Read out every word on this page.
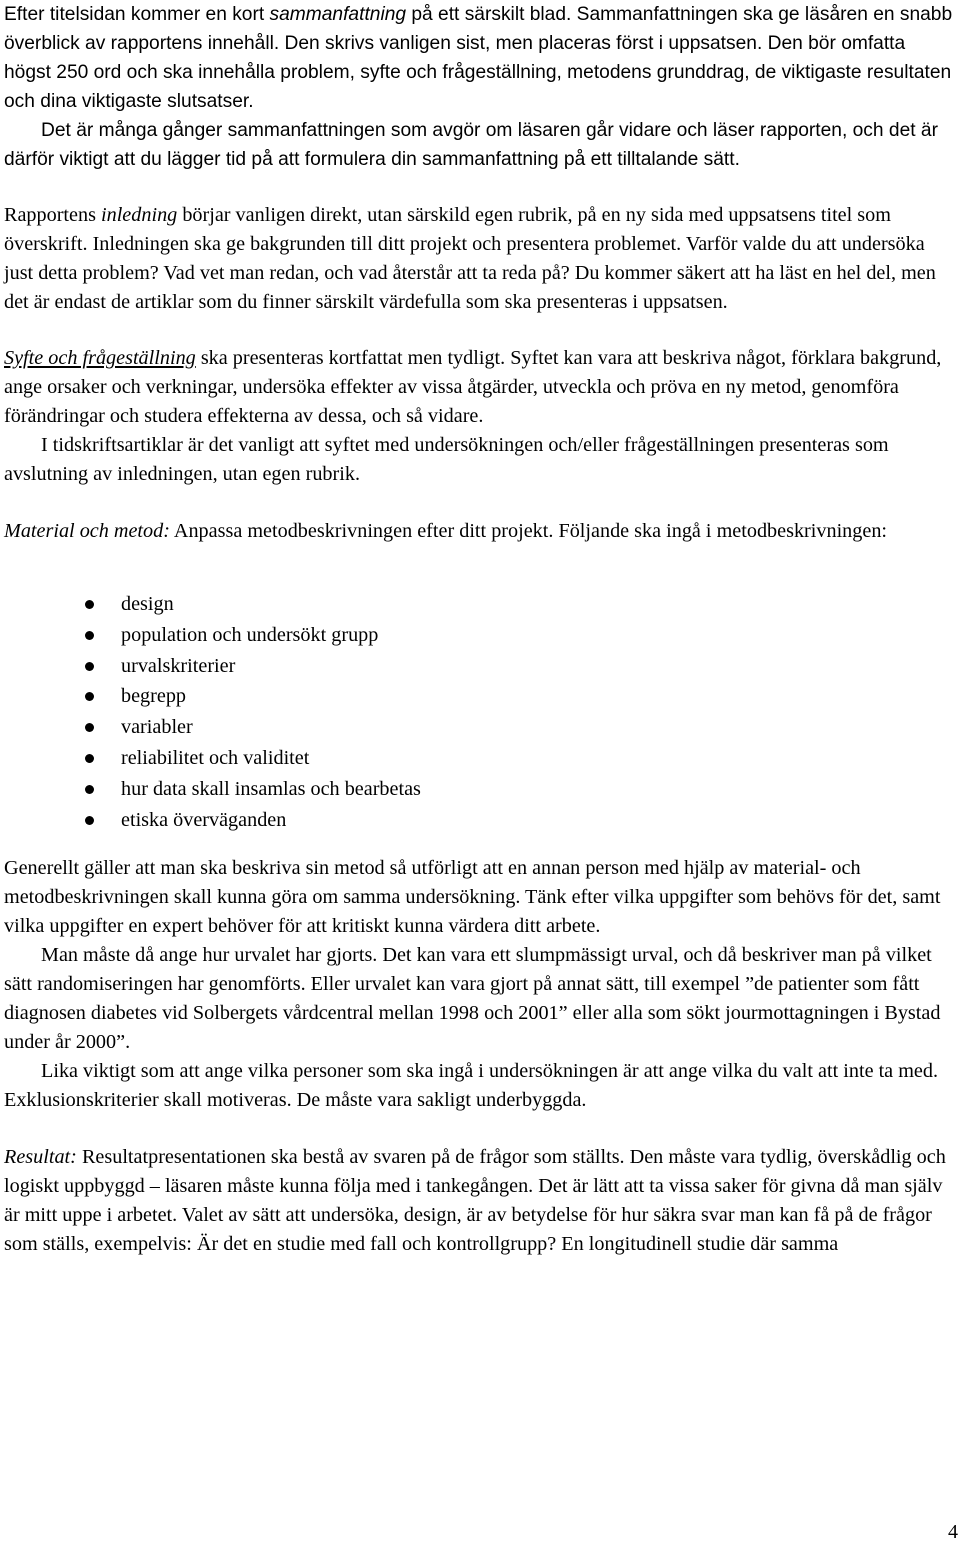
Efter titelsidan kommer en kort sammanfattning på ett särskilt blad. Sammanfattningen ska ge läsåren en snabb överblick av rapportens innehåll. Den skrivs vanligen sist, men placeras först i uppsatsen. Den bör omfatta högst 250 ord och ska innehålla problem, syfte och frågeställning, metodens grunddrag, de viktigaste resultaten och dina viktigaste slutsatser.

Det är många gånger sammanfattningen som avgör om läsaren går vidare och läser rapporten, och det är därför viktigt att du lägger tid på att formulera din sammanfattning på ett tilltalande sätt.

Rapportens inledning börjar vanligen direkt, utan särskild egen rubrik, på en ny sida med uppsatsens titel som överskrift. Inledningen ska ge bakgrunden till ditt projekt och presentera problemet. Varför valde du att undersöka just detta problem? Vad vet man redan, och vad återstår att ta reda på? Du kommer säkert att ha läst en hel del, men det är endast de artiklar som du finner särskilt värdefulla som ska presenteras i uppsatsen.

Syfte och frågeställning ska presenteras kortfattat men tydligt. Syftet kan vara att beskriva något, förklara bakgrund, ange orsaker och verkningar, undersöka effekter av vissa åtgärder, utveckla och pröva en ny metod, genomföra förändringar och studera effekterna av dessa, och så vidare.

I tidskriftsartiklar är det vanligt att syftet med undersökningen och/eller frågeställningen presenteras som avslutning av inledningen, utan egen rubrik.

Material och metod: Anpassa metodbeskrivningen efter ditt projekt. Följande ska ingå i metodbeskrivningen:

design
population och undersökt grupp
urvalskriterier
begrepp
variabler
reliabilitet och validitet
hur data skall insamlas och bearbetas
etiska överväganden

Generellt gäller att man ska beskriva sin metod så utförligt att en annan person med hjälp av material- och metodbeskrivningen skall kunna göra om samma undersökning. Tänk efter vilka uppgifter som behövs för det, samt vilka uppgifter en expert behöver för att kritiskt kunna värdera ditt arbete.

Man måste då ange hur urvalet har gjorts. Det kan vara ett slumpmässigt urval, och då beskriver man på vilket sätt randomiseringen har genomförts. Eller urvalet kan vara gjort på annat sätt, till exempel ”de patienter som fått diagnosen diabetes vid Solbergets vårdcentral mellan 1998 och 2001” eller alla som sökt jourmottagningen i Bystad under år 2000”.

Lika viktigt som att ange vilka personer som ska ingå i undersökningen är att ange vilka du valt att inte ta med. Exklusionskriterier skall motiveras. De måste vara sakligt underbyggda.

Resultat: Resultatpresentationen ska bestå av svaren på de frågor som ställts. Den måste vara tydlig, överskådlig och logiskt uppbyggd – läsaren måste kunna följa med i tankegången. Det är lätt att ta vissa saker för givna då man själv är mitt uppe i arbetet. Valet av sätt att undersöka, design, är av betydelse för hur säkra svar man kan få på de frågor som ställs, exempelvis: Är det en studie med fall och kontrollgrupp? En longitudinell studie där samma

4
